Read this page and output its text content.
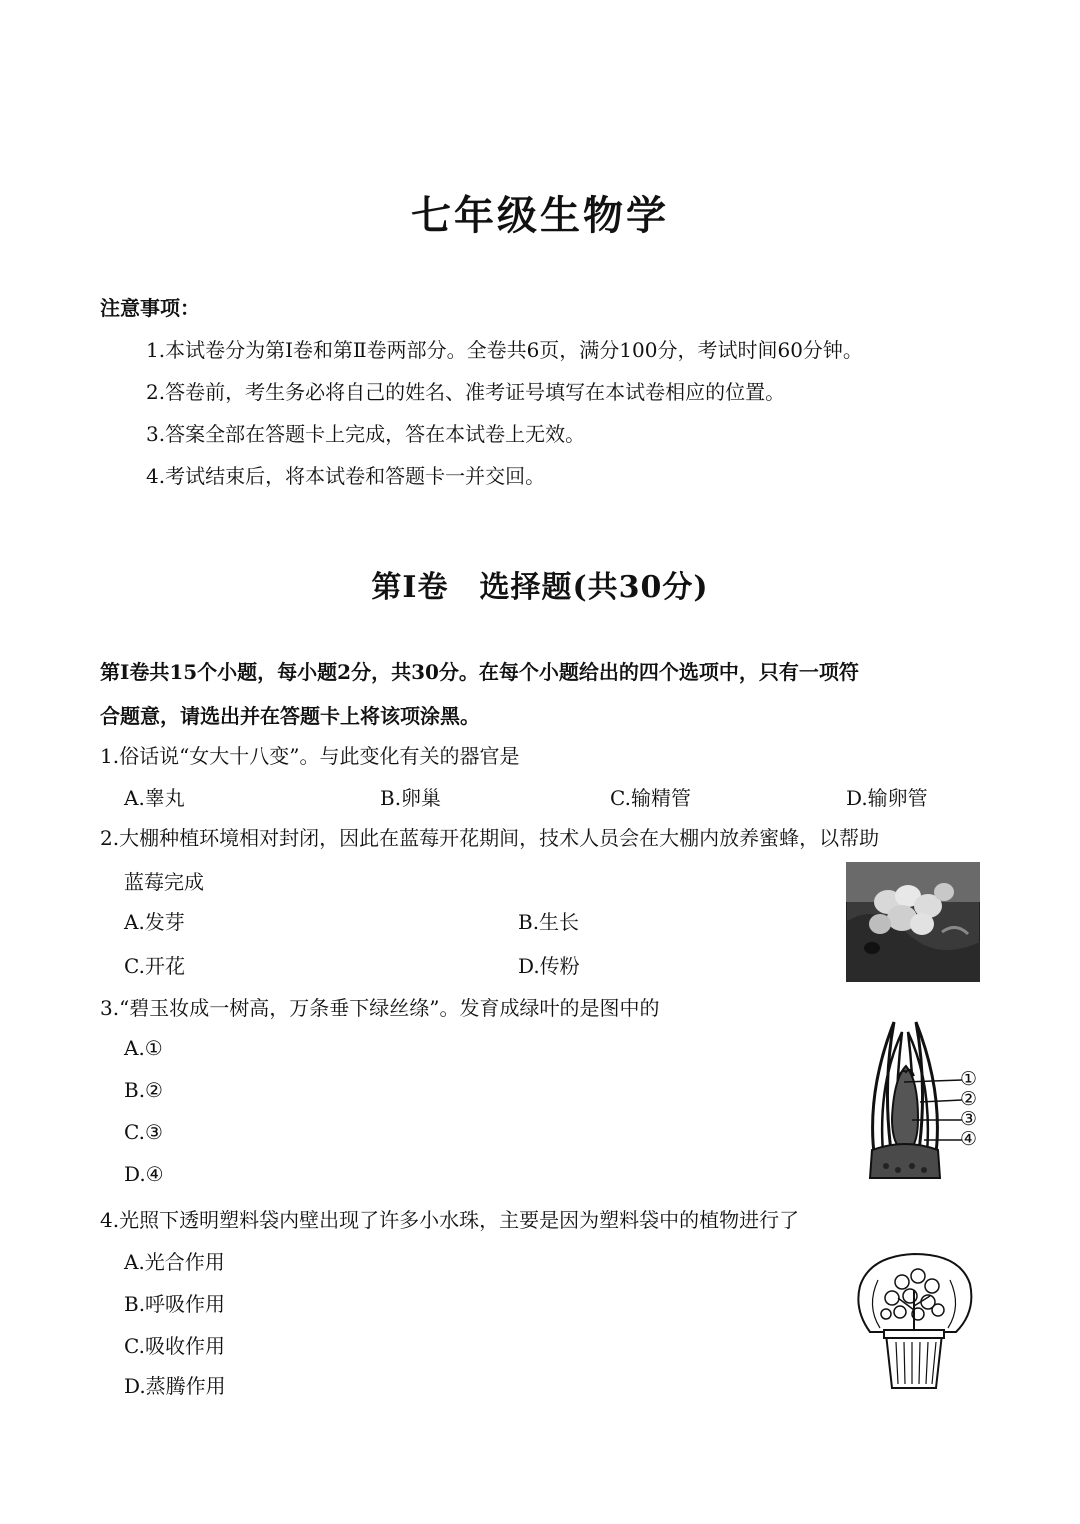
七年级生物学
注意事项：
1.本试卷分为第Ⅰ卷和第Ⅱ卷两部分。全卷共6页，满分100分，考试时间60分钟。
2.答卷前，考生务必将自己的姓名、准考证号填写在本试卷相应的位置。
3.答案全部在答题卡上完成，答在本试卷上无效。
4.考试结束后，将本试卷和答题卡一并交回。
第Ⅰ卷　选择题(共30分)
第Ⅰ卷共15个小题，每小题2分，共30分。在每个小题给出的四个选项中，只有一项符
合题意，请选出并在答题卡上将该项涂黑。
1.俗话说“女大十八变”。与此变化有关的器官是
A.睾丸	B.卵巢	C.输精管	D.输卵管
2.大棚种植环境相对封闭，因此在蓝莓开花期间，技术人员会在大棚内放养蜜蜂，以帮助
蓝莓完成
A.发芽	B.生长
C.开花	D.传粉
3.“碧玉妆成一树高，万条垂下绿丝绦”。发育成绿叶的是图中的
A.①
B.②
C.③
D.④
①
②
③
④
4.光照下透明塑料袋内壁出现了许多小水珠，主要是因为塑料袋中的植物进行了
A.光合作用
B.呼吸作用
C.吸收作用
D.蒸腾作用
